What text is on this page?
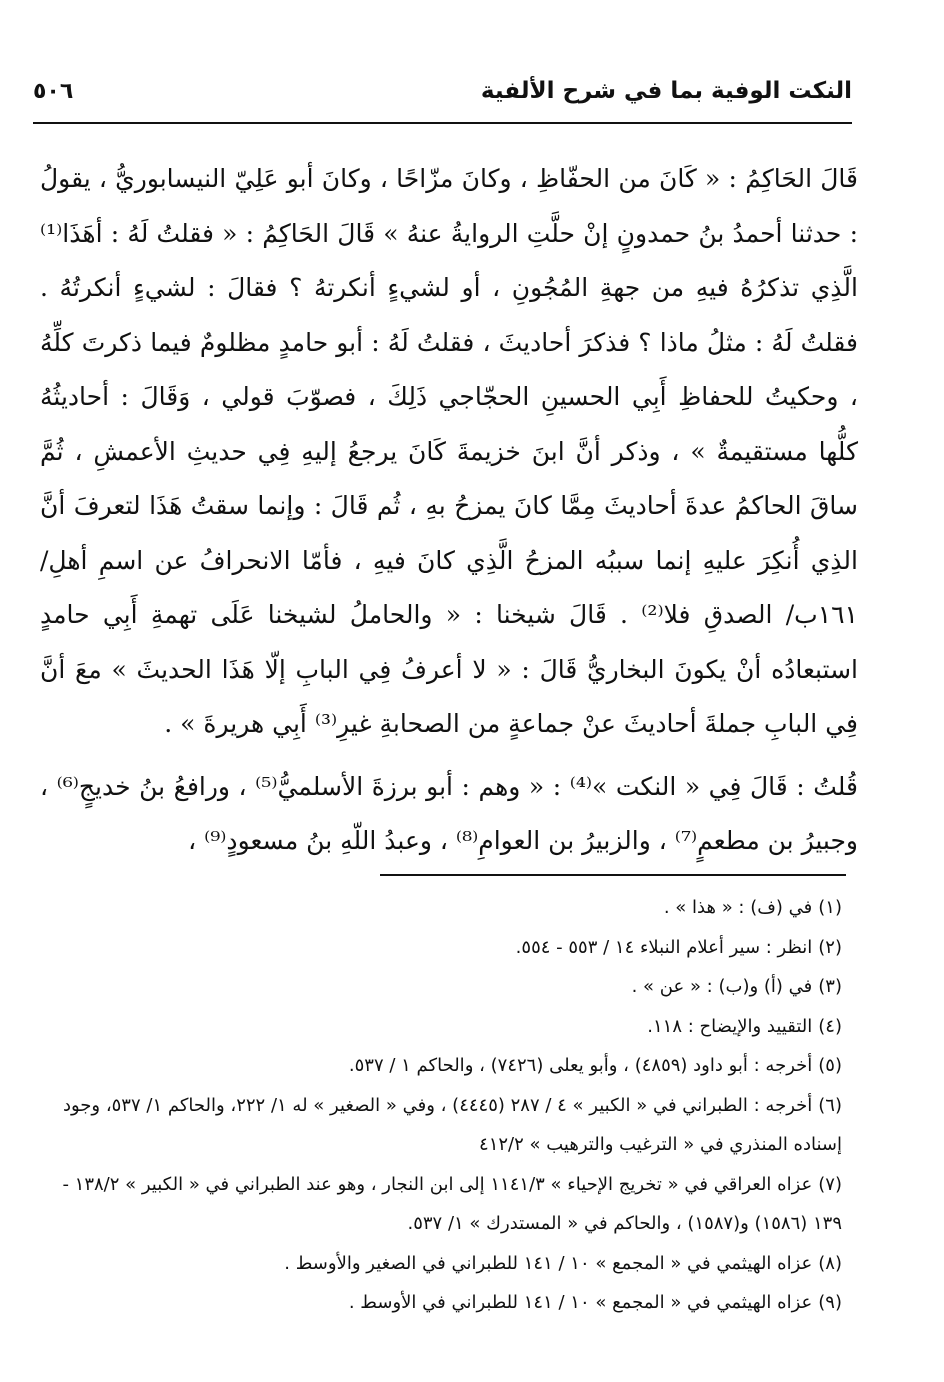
النكت الوفية بما في شرح الألفية
٥٠٦

قَالَ الحَاكِمُ : « كَانَ من الحفّاظِ ، وكانَ مزّاحًا ، وكانَ أبو عَلِيّ النيسابوريُّ ، يقولُ : حدثنا أحمدُ بنُ حمدونٍ إنْ حلَّتِ الروايةُ عنهُ » قَالَ الحَاكِمُ : « فقلتُ لَهُ : أهَذَا⁽¹⁾ الَّذِي تذكرُهُ فيهِ من جهةِ المُجُونِ ، أو لشيءٍ أنكرتهُ ؟ فقالَ : لشيءٍ أنكرتُهُ . فقلتُ لَهُ : مثلُ ماذا ؟ فذكرَ أحاديثَ ، فقلتُ لَهُ : أبو حامدٍ مظلومٌ فيما ذكرتَ كلِّهُ ، وحكيتُ للحفاظِ أَبِي الحسينِ الحجّاجي ذَلِكَ ، فصوّبَ قولي ، وَقَالَ : أحاديثُهُ كلُّها مستقيمةٌ » ، وذكر أنَّ ابنَ خزيمةَ كَانَ يرجعُ إليهِ فِي حديثِ الأعمشِ ، ثُمَّ ساقَ الحاكمُ عدةَ أحاديثَ مِمَّا كانَ يمزحُ بهِ ، ثُم قَالَ : وإنما سقتُ هَذَا لتعرفَ أنَّ الذِي أُنكِرَ عليهِ إنما سببُه المزحُ الَّذِي كانَ فيهِ ، فأمّا الانحرافُ عن اسمِ أهلِ/١٦١ب/ الصدقِ فلا⁽²⁾ . قَالَ شيخنا : « والحاملُ لشيخنا عَلَى تهمةِ أَبِي حامدٍ استبعادُه أنْ يكونَ البخاريُّ قَالَ : « لا أعرفُ فِي البابِ إلّا هَذَا الحديثَ » معَ أنَّ فِي البابِ جملةَ أحاديثَ عنْ جماعةٍ من الصحابةِ غيرِ⁽³⁾ أَبِي هريرةَ » .

قُلتُ : قَالَ فِي « النكت »⁽⁴⁾ : « وهم : أبو برزةَ الأسلميُّ⁽⁵⁾ ، ورافعُ بنُ خديجٍ⁽⁶⁾ ، وجبيرُ بن مطعمٍ⁽⁷⁾ ، والزبيرُ بن العوامِ⁽⁸⁾ ، وعبدُ اللّهِ بنُ مسعودٍ⁽⁹⁾ ،

(١)في (ف) : « هذا » .

(٢)انظر : سير أعلام النبلاء ١٤ / ٥٥٣ - ٥٥٤.

(٣)في (أ) و(ب) : « عن » .

(٤)التقييد والإيضاح : ١١٨.

(٥)أخرجه : أبو داود (٤٨٥٩) ، وأبو يعلى (٧٤٢٦) ، والحاكم ١ / ٥٣٧.

(٦)أخرجه : الطبراني في « الكبير » ٤ / ٢٨٧ (٤٤٤٥) ، وفي « الصغير » له ١/ ٢٢٢، والحاكم ١/ ٥٣٧، وجود إسناده المنذري في « الترغيب والترهيب » ٤١٢/٢

(٧)عزاه العراقي في « تخريج الإحياء » ١١٤١/٣ إلى ابن النجار ، وهو عند الطبراني في « الكبير » ١٣٨/٢ - ١٣٩ (١٥٨٦) و(١٥٨٧) ، والحاكم في « المستدرك » ١/ ٥٣٧.

(٨)عزاه الهيثمي في « المجمع » ١٠ / ١٤١ للطبراني في الصغير والأوسط .

(٩)عزاه الهيثمي في « المجمع » ١٠ / ١٤١ للطبراني في الأوسط .
